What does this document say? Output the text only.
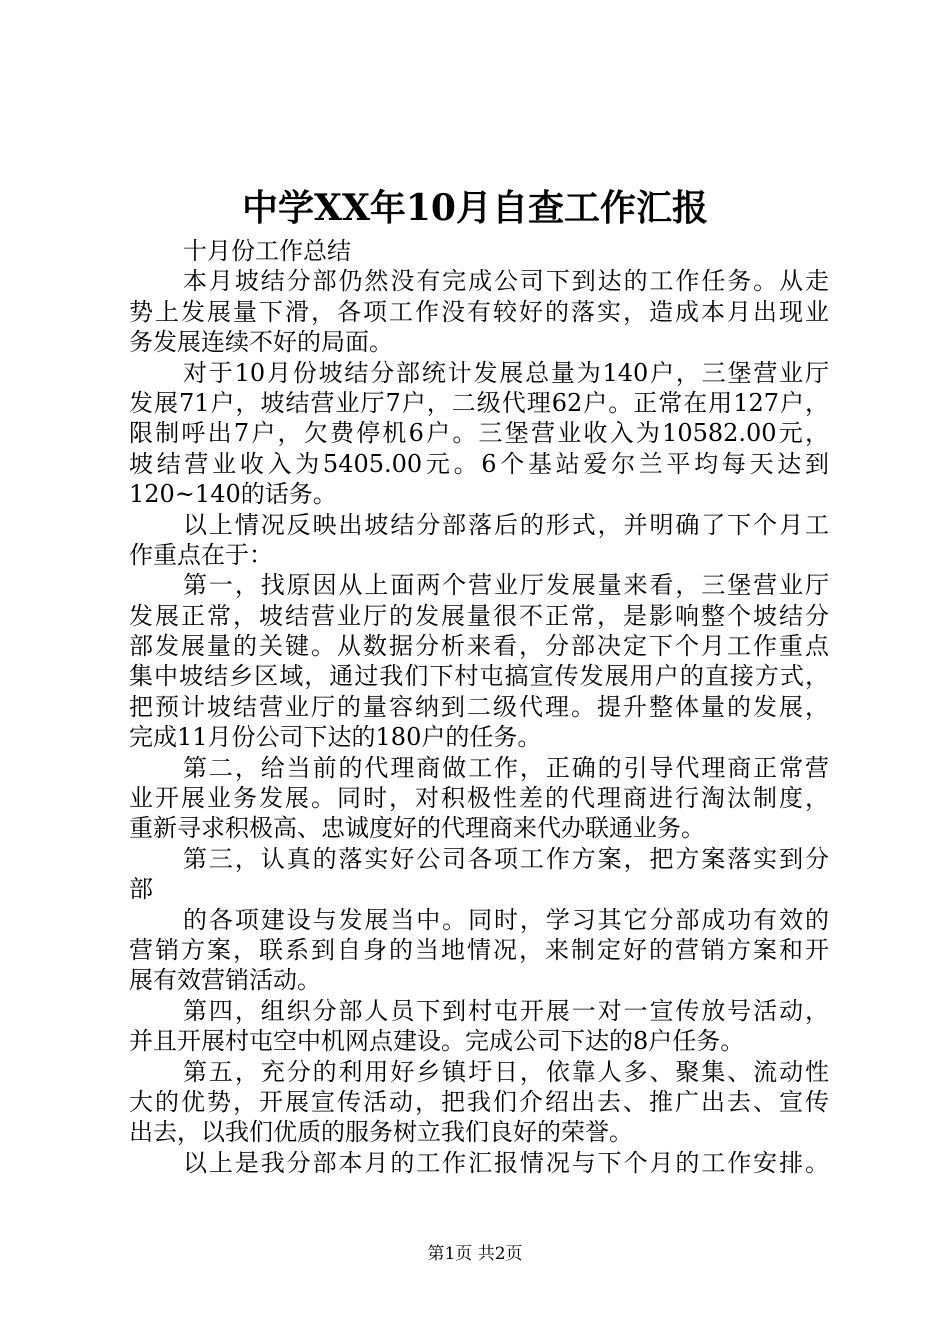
中学XX年10月自查工作汇报
十月份工作总结
本月坡结分部仍然没有完成公司下到达的工作任务。从走
势上发展量下滑，各项工作没有较好的落实，造成本月出现业
务发展连续不好的局面。
对于10月份坡结分部统计发展总量为140户，三堡营业厅
发展71户，坡结营业厅7户，二级代理62户。正常在用127户，
限制呼出7户，欠费停机6户。三堡营业收入为10582.00元，
坡结营业收入为5405.00元。6个基站爱尔兰平均每天达到
120~140的话务。
以上情况反映出坡结分部落后的形式，并明确了下个月工
作重点在于：
第一，找原因从上面两个营业厅发展量来看，三堡营业厅
发展正常，坡结营业厅的发展量很不正常，是影响整个坡结分
部发展量的关键。从数据分析来看，分部决定下个月工作重点
集中坡结乡区域，通过我们下村屯搞宣传发展用户的直接方式，
把预计坡结营业厅的量容纳到二级代理。提升整体量的发展，
完成11月份公司下达的180户的任务。
第二，给当前的代理商做工作，正确的引导代理商正常营
业开展业务发展。同时，对积极性差的代理商进行淘汰制度，
重新寻求积极高、忠诚度好的代理商来代办联通业务。
第三，认真的落实好公司各项工作方案，把方案落实到分
部
的各项建设与发展当中。同时，学习其它分部成功有效的
营销方案，联系到自身的当地情况，来制定好的营销方案和开
展有效营销活动。
第四，组织分部人员下到村屯开展一对一宣传放号活动，
并且开展村屯空中机网点建设。完成公司下达的8户任务。
第五，充分的利用好乡镇圩日，依靠人多、聚集、流动性
大的优势，开展宣传活动，把我们介绍出去、推广出去、宣传
出去，以我们优质的服务树立我们良好的荣誉。
以上是我分部本月的工作汇报情况与下个月的工作安排。
第1页 共2页
